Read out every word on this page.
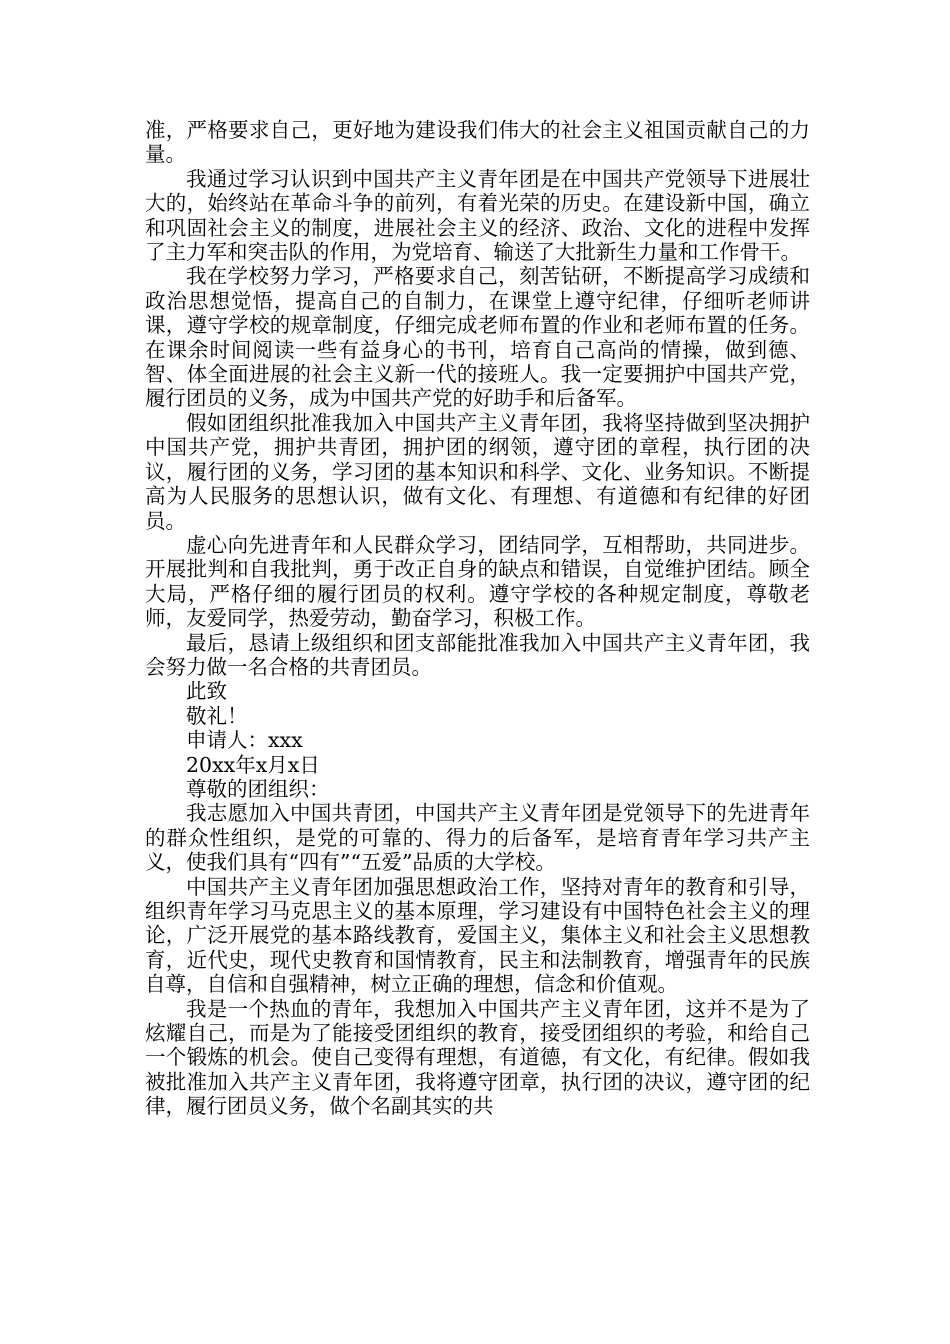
准，严格要求自己，更好地为建设我们伟大的社会主义祖国贡献自己的力量。

我通过学习认识到中国共产主义青年团是在中国共产党领导下进展壮大的，始终站在革命斗争的前列，有着光荣的历史。在建设新中国，确立和巩固社会主义的制度，进展社会主义的经济、政治、文化的进程中发挥了主力军和突击队的作用，为党培育、输送了大批新生力量和工作骨干。

我在学校努力学习，严格要求自己，刻苦钻研，不断提高学习成绩和政治思想觉悟，提高自己的自制力，在课堂上遵守纪律，仔细听老师讲课，遵守学校的规章制度，仔细完成老师布置的作业和老师布置的任务。在课余时间阅读一些有益身心的书刊，培育自己高尚的情操，做到德、智、体全面进展的社会主义新一代的接班人。我一定要拥护中国共产党，履行团员的义务，成为中国共产党的好助手和后备军。

假如团组织批准我加入中国共产主义青年团，我将坚持做到坚决拥护中国共产党，拥护共青团，拥护团的纲领，遵守团的章程，执行团的决议，履行团的义务，学习团的基本知识和科学、文化、业务知识。不断提高为人民服务的思想认识，做有文化、有理想、有道德和有纪律的好团员。

虚心向先进青年和人民群众学习，团结同学，互相帮助，共同进步。开展批判和自我批判，勇于改正自身的缺点和错误，自觉维护团结。顾全大局，严格仔细的履行团员的权利。遵守学校的各种规定制度，尊敬老师，友爱同学，热爱劳动，勤奋学习，积极工作。

最后，恳请上级组织和团支部能批准我加入中国共产主义青年团，我会努力做一名合格的共青团员。

此致

敬礼！

申请人：xxx

20xx年x月x日

尊敬的团组织：

我志愿加入中国共青团，中国共产主义青年团是党领导下的先进青年的群众性组织，是党的可靠的、得力的后备军，是培育青年学习共产主义，使我们具有“四有”“五爱”品质的大学校。

中国共产主义青年团加强思想政治工作，坚持对青年的教育和引导，组织青年学习马克思主义的基本原理，学习建设有中国特色社会主义的理论，广泛开展党的基本路线教育，爱国主义，集体主义和社会主义思想教育，近代史，现代史教育和国情教育，民主和法制教育，增强青年的民族自尊，自信和自强精神，树立正确的理想，信念和价值观。

我是一个热血的青年，我想加入中国共产主义青年团，这并不是为了炫耀自己，而是为了能接受团组织的教育，接受团组织的考验，和给自己一个锻炼的机会。使自己变得有理想，有道德，有文化，有纪律。假如我被批准加入共产主义青年团，我将遵守团章，执行团的决议，遵守团的纪律，履行团员义务，做个名副其实的共
